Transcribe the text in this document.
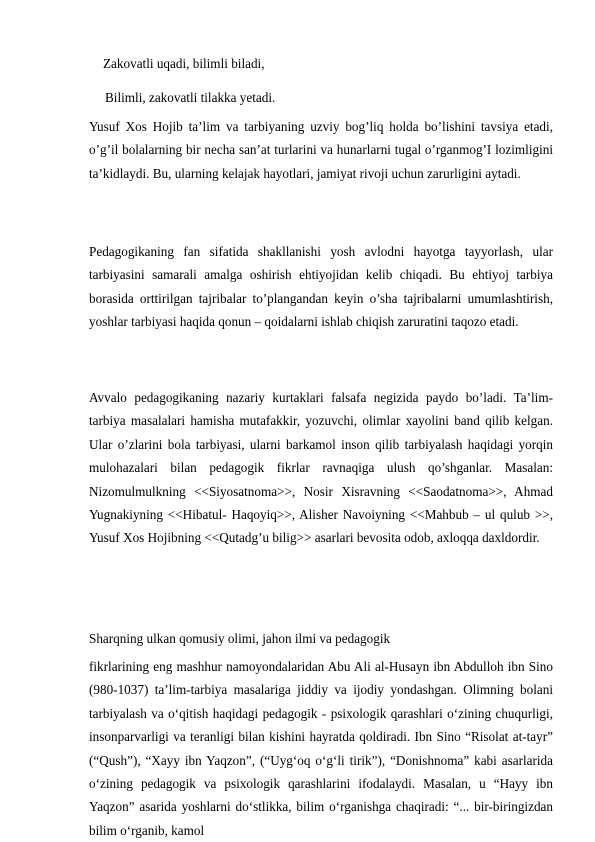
Zakovatli uqadi, bilimli biladi,

Bilimli, zakovatli tilakka yetadi.

Yusuf Xos Hojib ta’lim va tarbiyaning uzviy bog’liq holda bo’lishini tavsiya etadi, o’g’il bolalarning bir necha san’at turlarini va hunarlarni tugal o’rganmog’I lozimligini ta’kidlaydi. Bu, ularning kelajak hayotlari, jamiyat rivoji uchun zarurligini aytadi.

Pedagogikaning fan sifatida shakllanishi yosh avlodni hayotga tayyorlash, ular tarbiyasini samarali amalga oshirish ehtiyojidan kelib chiqadi. Bu ehtiyoj tarbiya borasida orttirilgan tajribalar to’plangandan keyin o’sha tajribalarni umumlashtirish, yoshlar tarbiyasi haqida qonun – qoidalarni ishlab chiqish zaruratini taqozo etadi.

Avvalo pedagogikaning nazariy kurtaklari falsafa negizida paydo bo’ladi. Ta’lim-tarbiya masalalari hamisha mutafakkir, yozuvchi, olimlar xayolini band qilib kelgan. Ular o’zlarini bola tarbiyasi, ularni barkamol inson qilib tarbiyalash haqidagi yorqin mulohazalari bilan pedagogik fikrlar ravnaqiga ulush qo’shganlar. Masalan: Nizomulmulkning <<Siyosatnoma>>, Nosir Xisravning <<Saodatnoma>>, Ahmad Yugnakiyning <<Hibatul- Haqoyiq>>, Alisher Navoiyning <<Mahbub – ul qulub >>, Yusuf Xos Hojibning <<Qutadg’u bilig>> asarlari bevosita odob, axloqqa daxldordir.

Sharqning ulkan qomusiy olimi, jahon ilmi va pedagogik

fikrlarining eng mashhur namoyondalaridan Abu Ali al-Husayn ibn Abdulloh ibn Sino (980-1037) ta’lim-tarbiya masalariga jiddiy va ijodiy yondashgan. Olimning bolani tarbiyalash va o‘qitish haqidagi pedagogik - psixologik qarashlari o‘zining chuqurligi, insonparvarligi va teranligi bilan kishini hayratda qoldiradi. Ibn Sino “Risolat at-tayr” (“Qush”), “Xayy ibn Yaqzon”, (“Uyg‘oq o‘g‘li tirik”), “Donishnoma” kabi asarlarida o‘zining pedagogik va psixologik qarashlarini ifodalaydi. Masalan, u “Hayy ibn Yaqzon” asarida yoshlarni do‘stlikka, bilim o‘rganishga chaqiradi: “... bir-biringizdan bilim o‘rganib, kamol
